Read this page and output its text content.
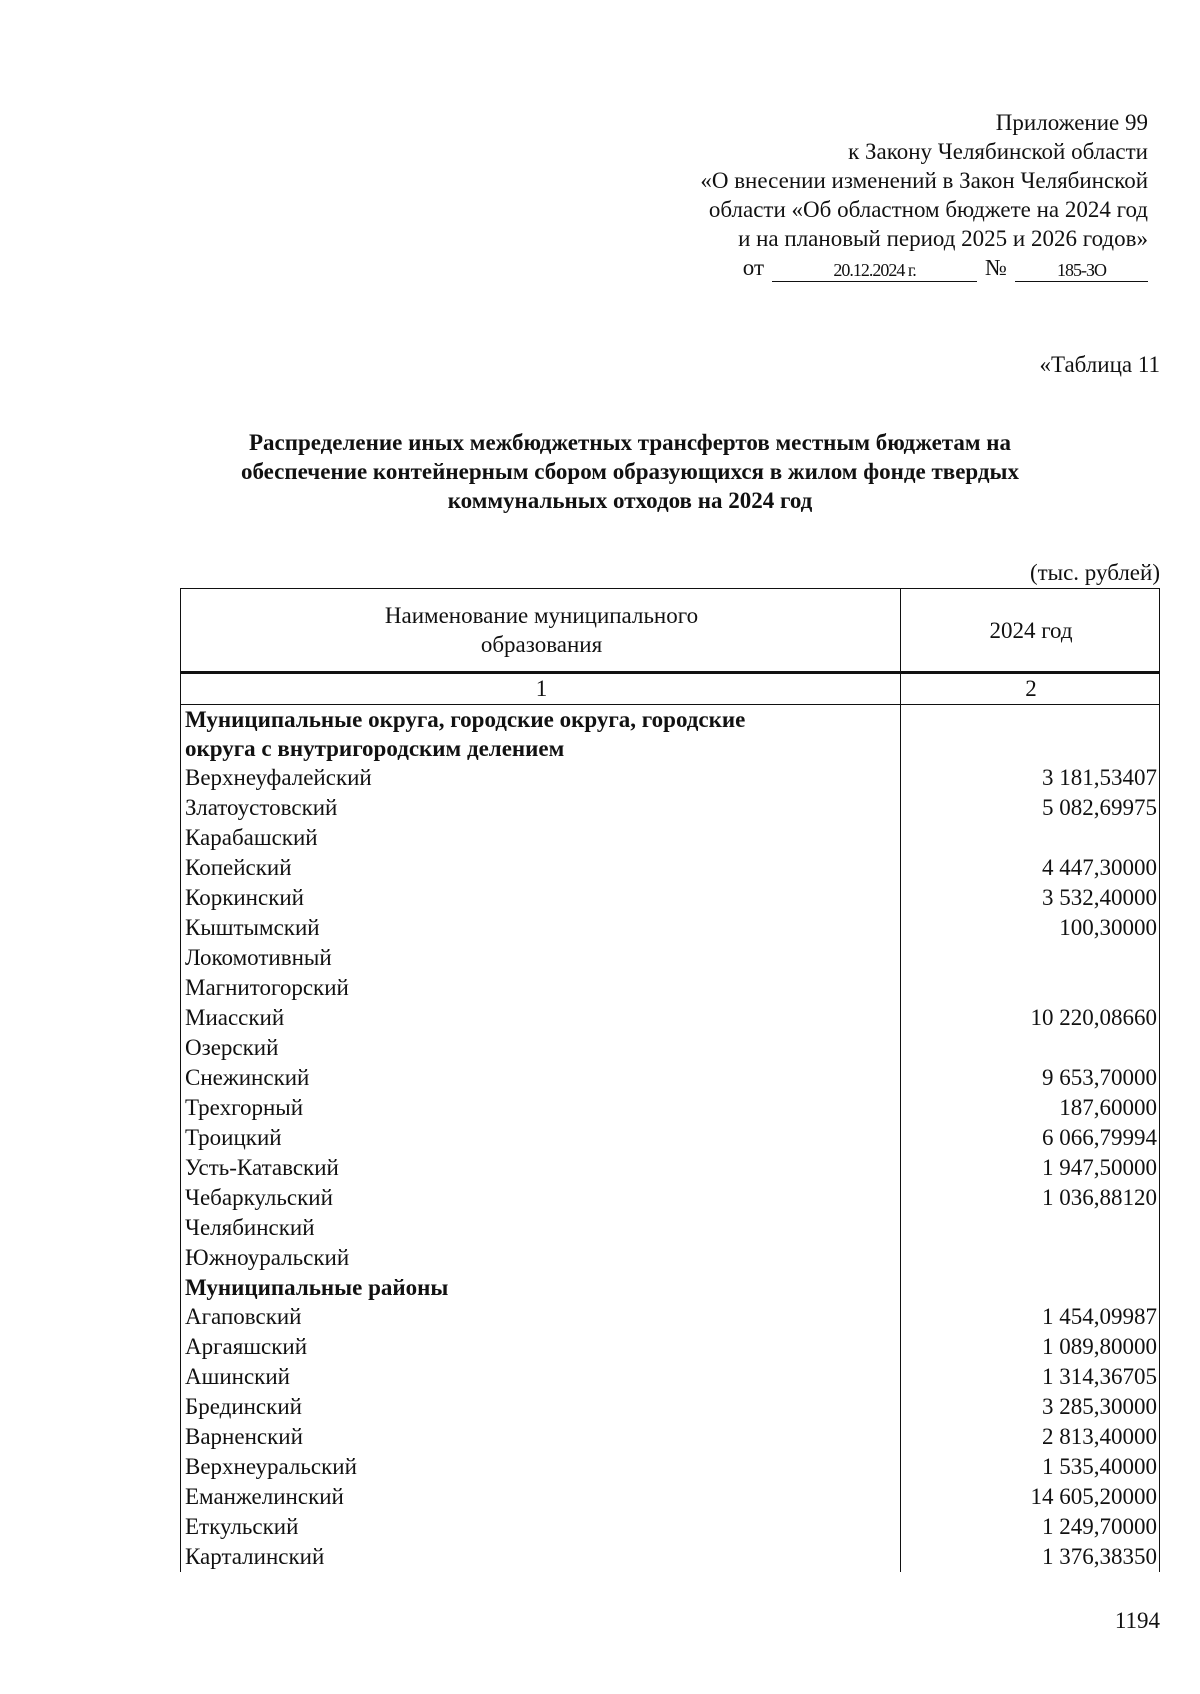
Приложение 99
к Закону Челябинской области
«О внесении изменений в Закон Челябинской
области «Об областном бюджете на 2024 год
и на плановый период 2025 и 2026 годов»
от	20.12.2024 г.	№	185-ЗО
«Таблица 11
Распределение иных межбюджетных трансфертов местным бюджетам на
обеспечение контейнерным сбором образующихся в жилом фонде твердых
коммунальных отходов на 2024 год
(тыс. рублей)
Наименование муниципального
образования	2024 год
1	2
Муниципальные округа, городские округа, городские	
округа с внутригородским делением	
Верхнеуфалейский	3 181,53407
Златоустовский	5 082,69975
Карабашский	
Копейский	4 447,30000
Коркинский	3 532,40000
Кыштымский	100,30000
Локомотивный	
Магнитогорский	
Миасский	10 220,08660
Озерский	
Снежинский	9 653,70000
Трехгорный	187,60000
Троицкий	6 066,79994
Усть-Катавский	1 947,50000
Чебаркульский	1 036,88120
Челябинский	
Южноуральский	
Муниципальные районы	
Агаповский	1 454,09987
Аргаяшский	1 089,80000
Ашинский	1 314,36705
Брединский	3 285,30000
Варненский	2 813,40000
Верхнеуральский	1 535,40000
Еманжелинский	14 605,20000
Еткульский	1 249,70000
Карталинский	1 376,38350
1194
